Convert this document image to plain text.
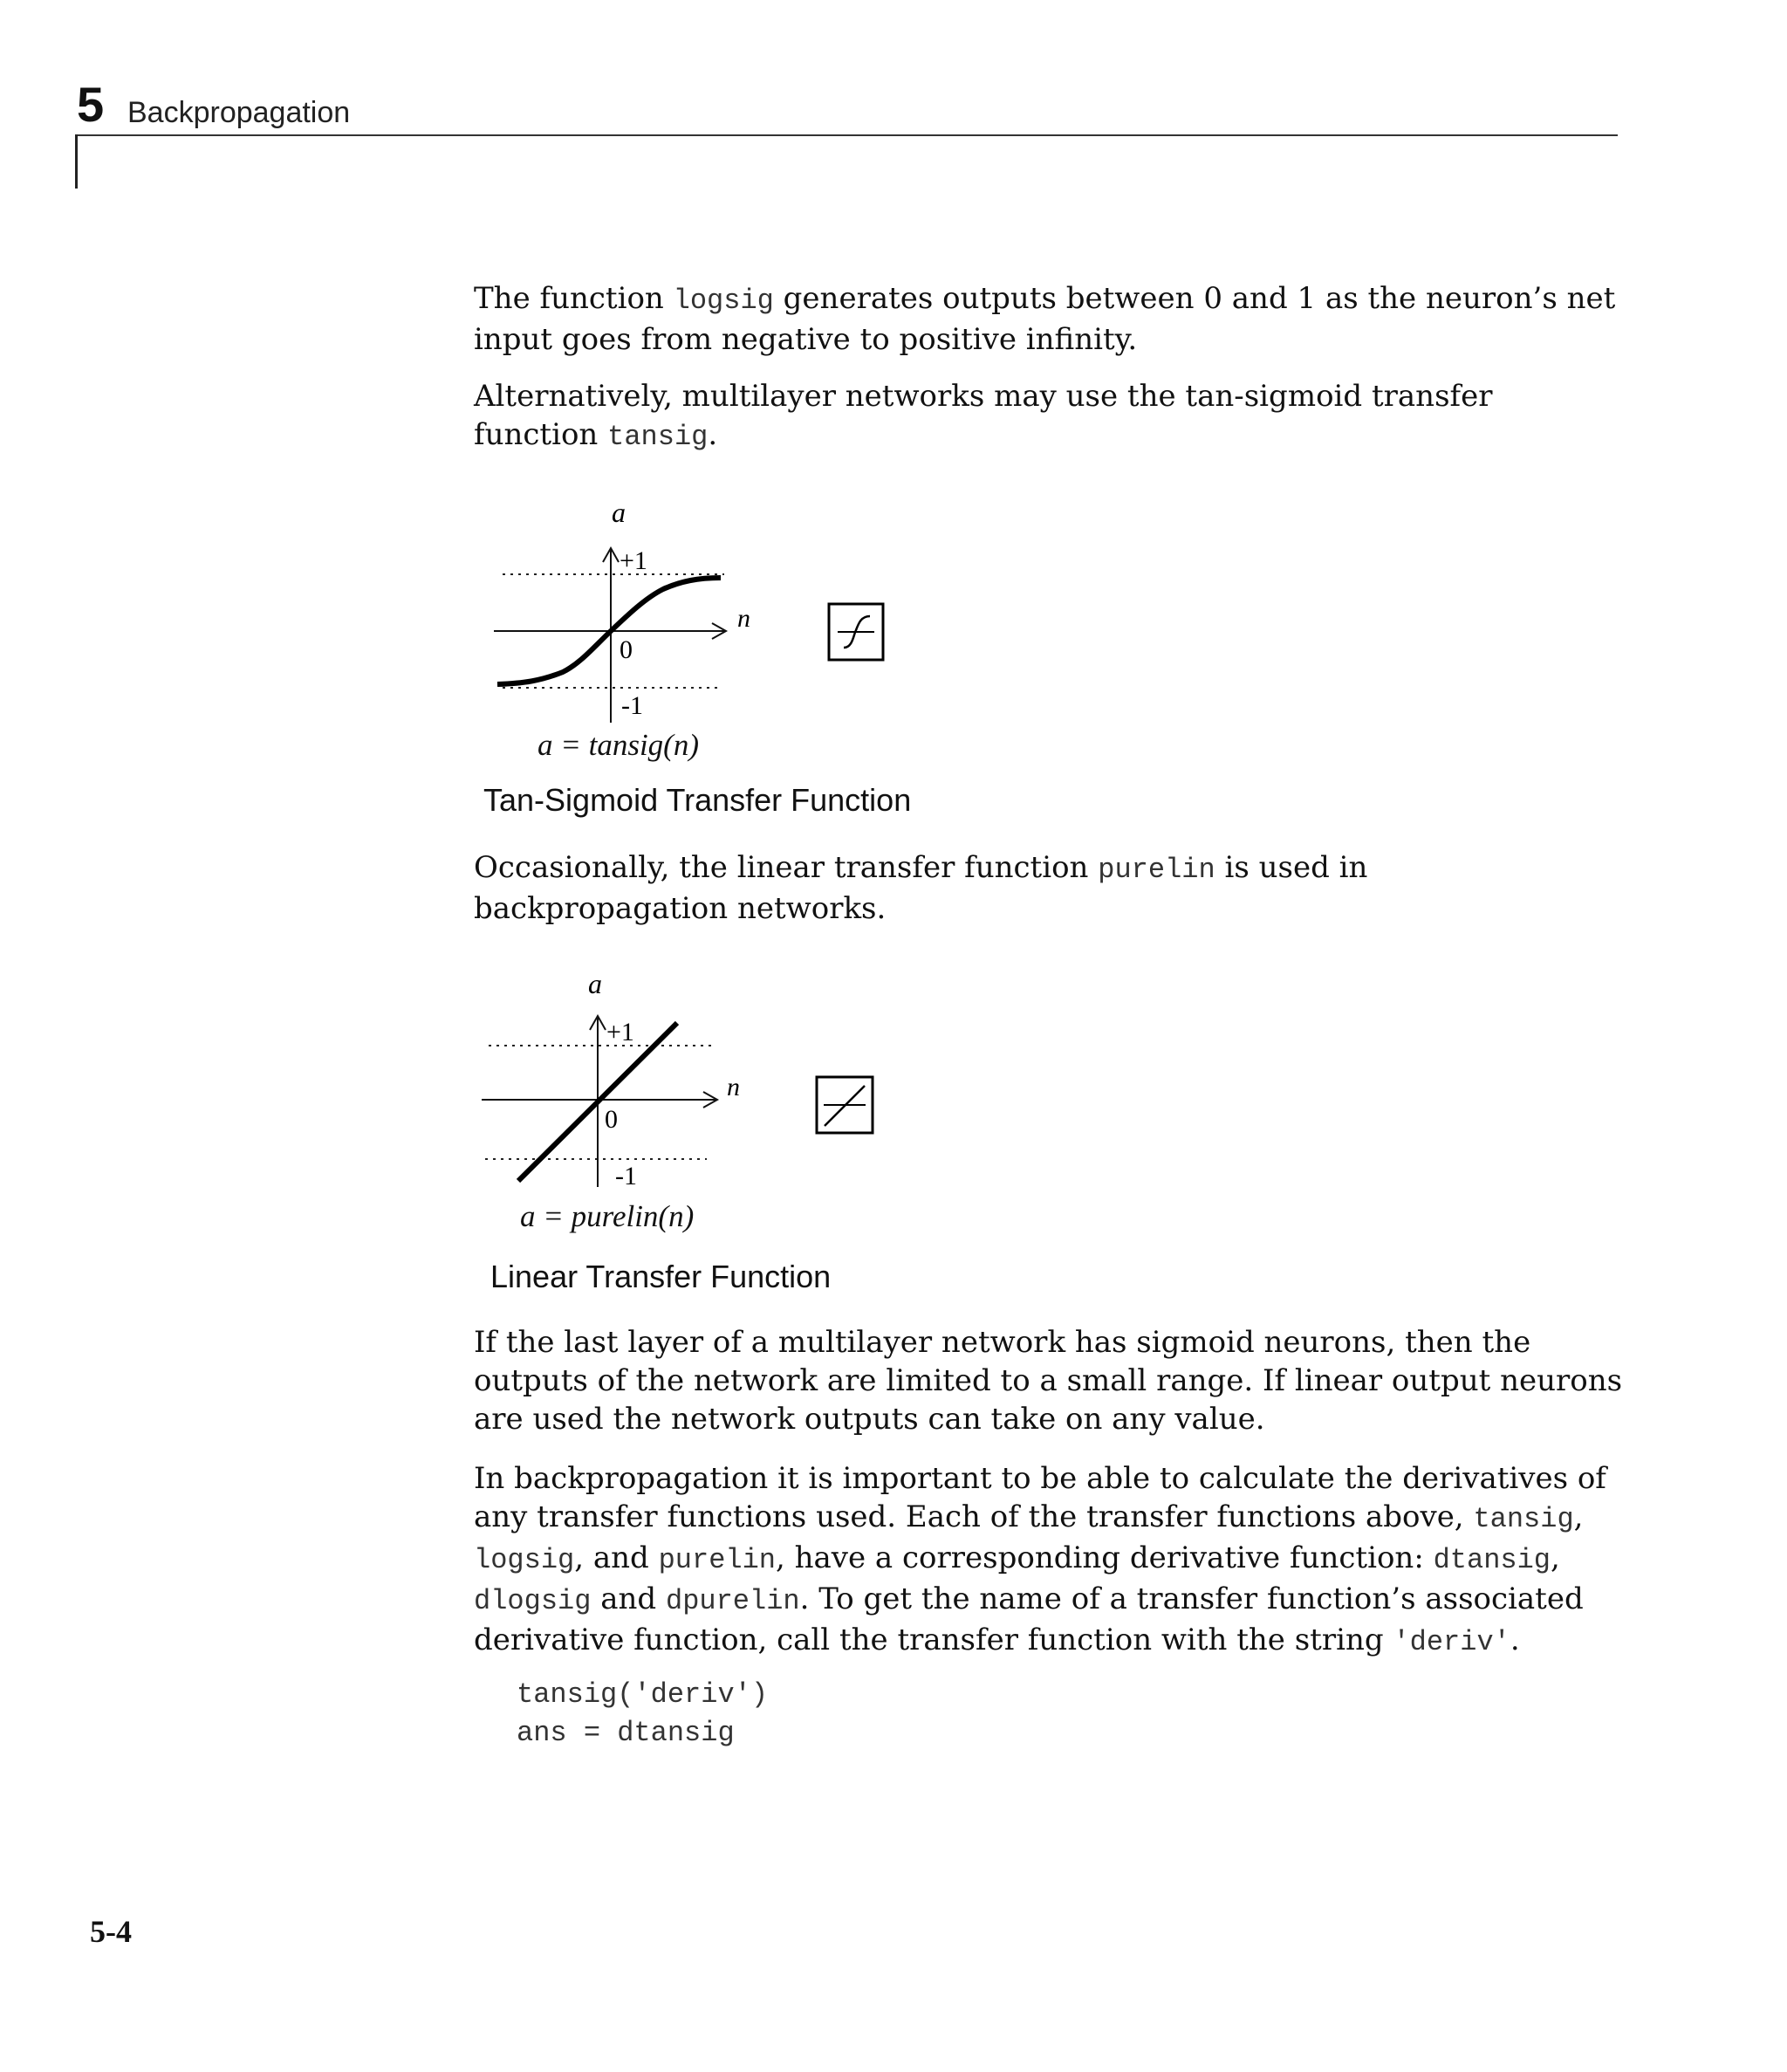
5 Backpropagation

The function logsig generates outputs between 0 and 1 as the neuron’s net input goes from negative to positive infinity.

Alternatively, multilayer networks may use the tan-sigmoid transfer function tansig.

a
n
+1
0
-1
a = tansig(n)
Tan-Sigmoid Transfer Function

Occasionally, the linear transfer function purelin is used in backpropagation networks.

a
n
+1
0
-1
a = purelin(n)
Linear Transfer Function

If the last layer of a multilayer network has sigmoid neurons, then the outputs of the network are limited to a small range. If linear output neurons are used the network outputs can take on any value.

In backpropagation it is important to be able to calculate the derivatives of any transfer functions used. Each of the transfer functions above, tansig, logsig, and purelin, have a corresponding derivative function: dtansig, dlogsig and dpurelin. To get the name of a transfer function’s associated derivative function, call the transfer function with the string 'deriv'.

tansig('deriv')
ans = dtansig
5-4
